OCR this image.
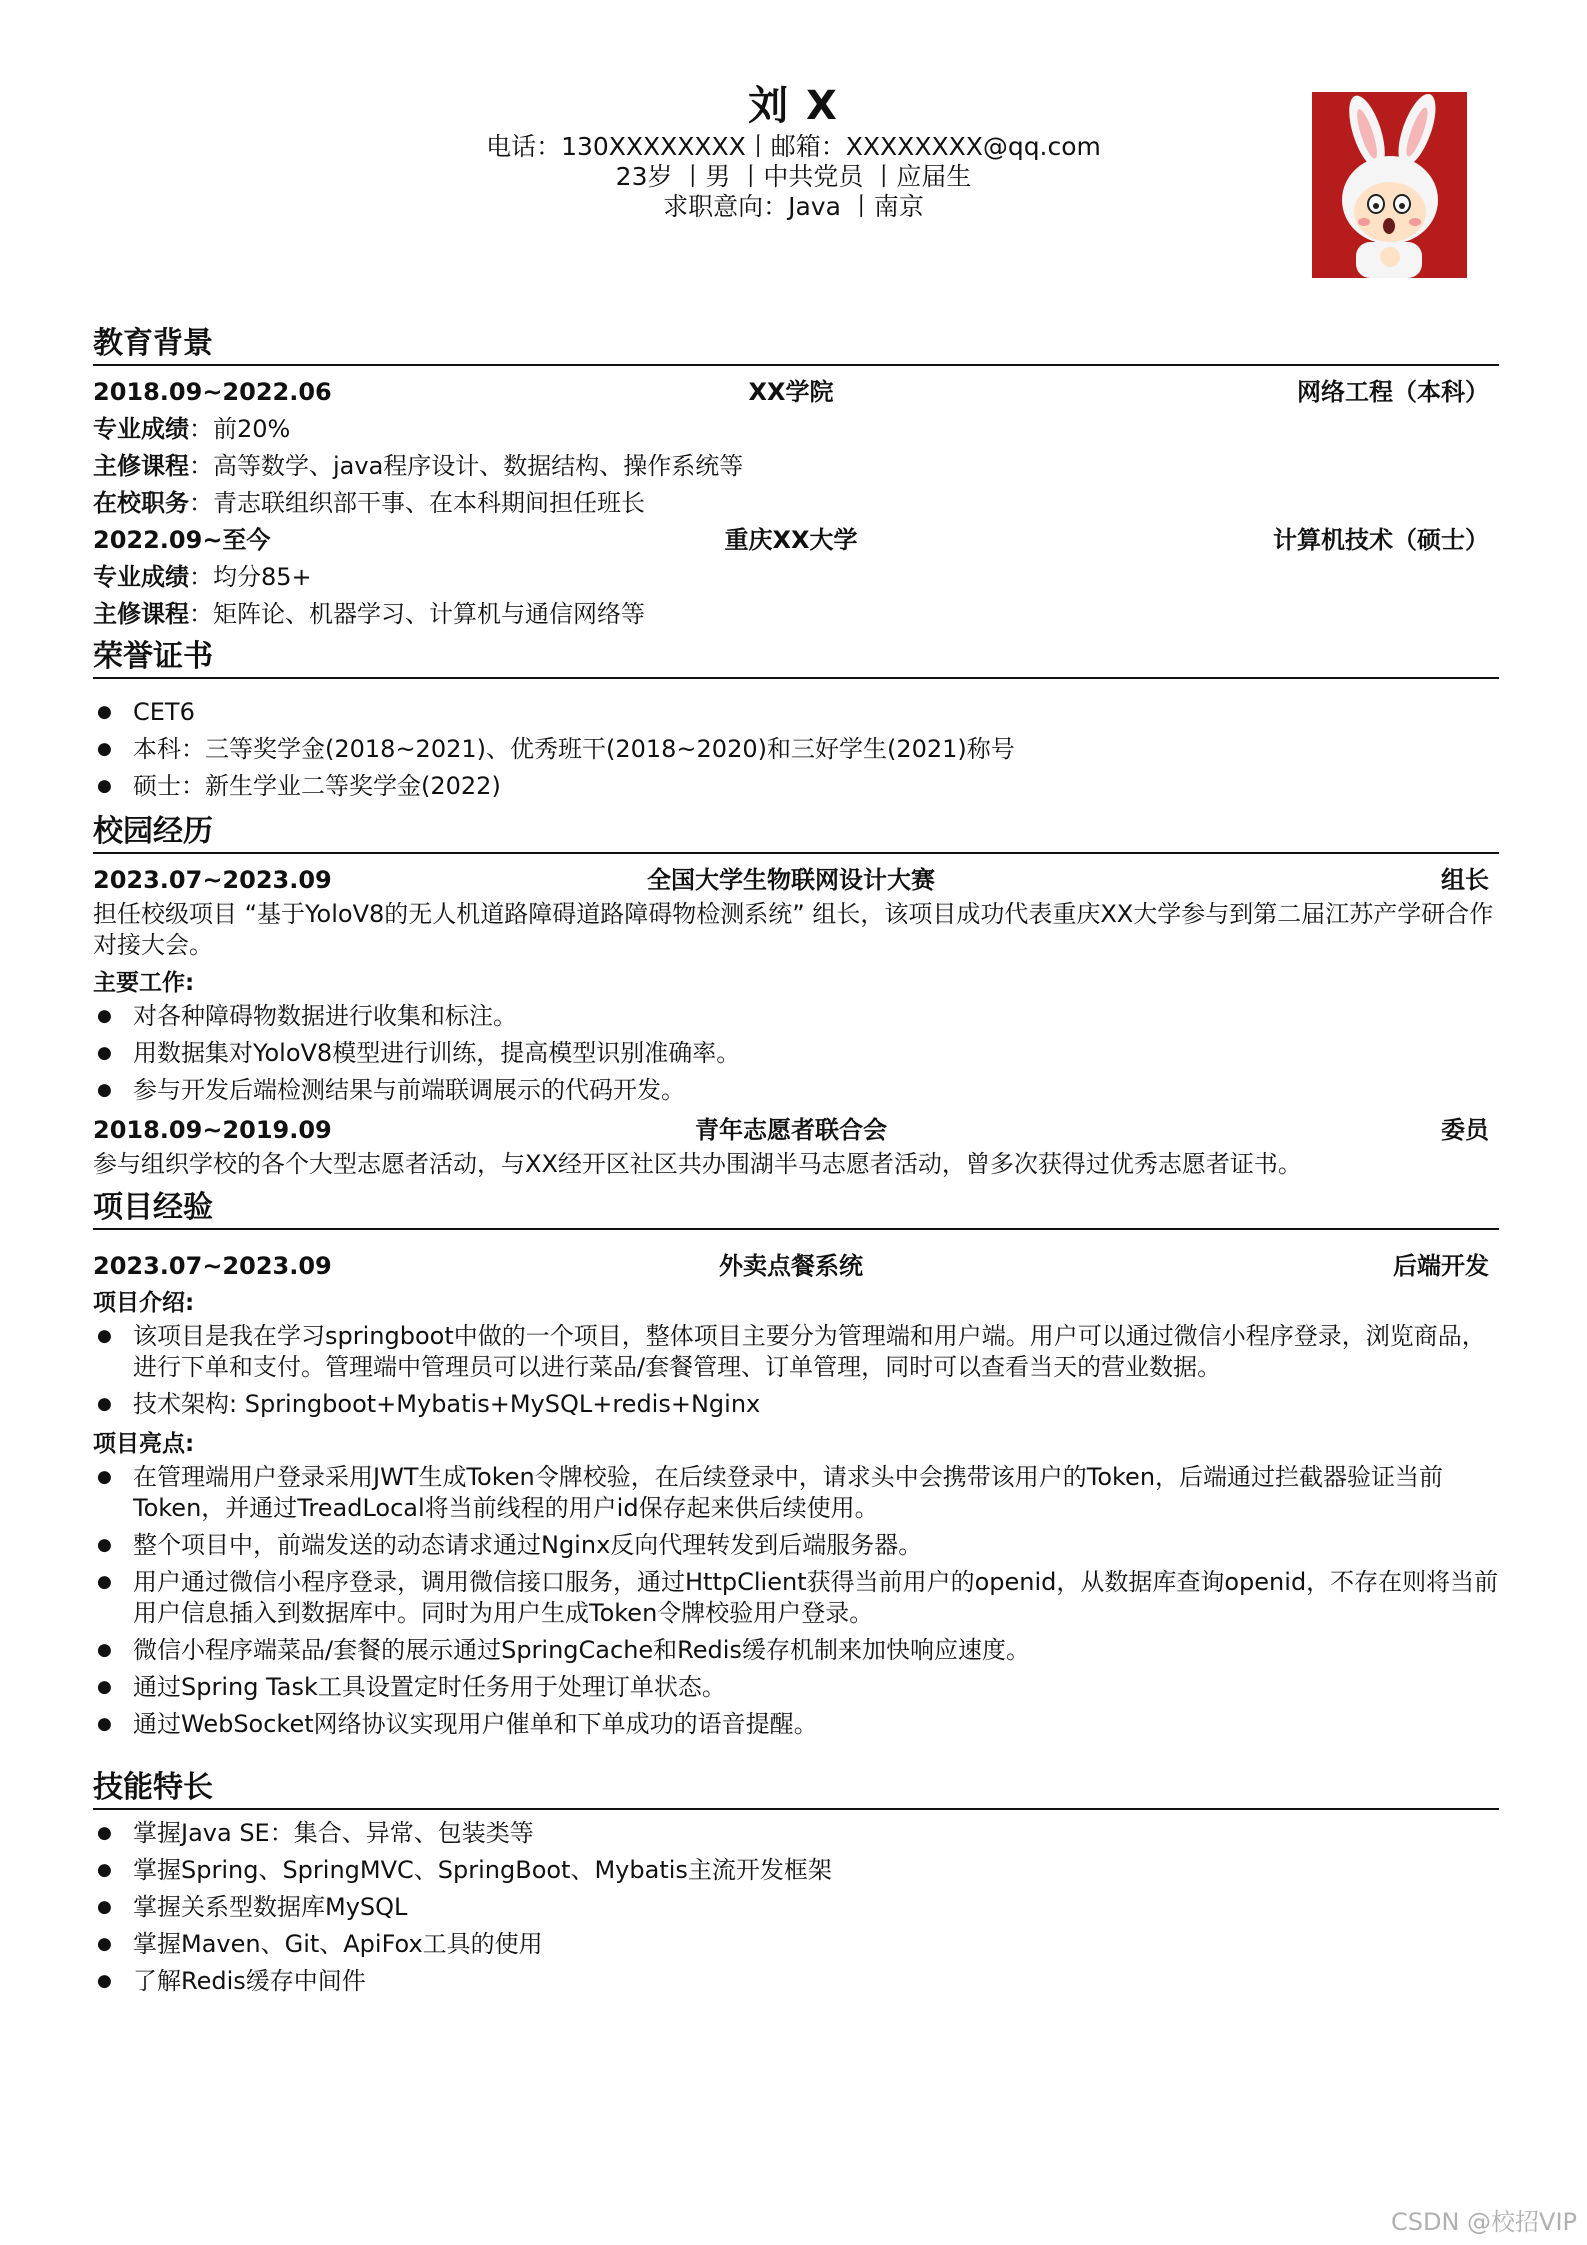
刘 X
电话：130XXXXXXXX丨邮箱：XXXXXXXX@qq.com
23岁 丨男 丨中共党员 丨应届生
求职意向：Java 丨南京
教育背景
2018.09~2022.06	XX学院	网络工程（本科）
专业成绩：前20%
主修课程：高等数学、java程序设计、数据结构、操作系统等
在校职务：青志联组织部干事、在本科期间担任班长
2022.09~至今	重庆XX大学	计算机技术（硕士）
专业成绩：均分85+
主修课程：矩阵论、机器学习、计算机与通信网络等
荣誉证书
● CET6
● 本科：三等奖学金(2018~2021)、优秀班干(2018~2020)和三好学生(2021)称号
● 硕士：新生学业二等奖学金(2022)
校园经历
2023.07~2023.09	全国大学生物联网设计大赛	组长
担任校级项目 “基于YoloV8的无人机道路障碍道路障碍物检测系统” 组长，该项目成功代表重庆XX大学参与到第二届江苏产学研合作对接大会。
主要工作:
● 对各种障碍物数据进行收集和标注。
● 用数据集对YoloV8模型进行训练，提高模型识别准确率。
● 参与开发后端检测结果与前端联调展示的代码开发。
2018.09~2019.09	青年志愿者联合会	委员
参与组织学校的各个大型志愿者活动，与XX经开区社区共办围湖半马志愿者活动，曾多次获得过优秀志愿者证书。
项目经验
2023.07~2023.09	外卖点餐系统	后端开发
项目介绍:
● 该项目是我在学习springboot中做的一个项目，整体项目主要分为管理端和用户端。用户可以通过微信小程序登录，浏览商品，进行下单和支付。管理端中管理员可以进行菜品/套餐管理、订单管理，同时可以查看当天的营业数据。
● 技术架构: Springboot+Mybatis+MySQL+redis+Nginx
项目亮点:
● 在管理端用户登录采用JWT生成Token令牌校验，在后续登录中，请求头中会携带该用户的Token，后端通过拦截器验证当前Token，并通过TreadLocal将当前线程的用户id保存起来供后续使用。
● 整个项目中，前端发送的动态请求通过Nginx反向代理转发到后端服务器。
● 用户通过微信小程序登录，调用微信接口服务，通过HttpClient获得当前用户的openid，从数据库查询openid，不存在则将当前用户信息插入到数据库中。同时为用户生成Token令牌校验用户登录。
● 微信小程序端菜品/套餐的展示通过SpringCache和Redis缓存机制来加快响应速度。
● 通过Spring Task工具设置定时任务用于处理订单状态。
● 通过WebSocket网络协议实现用户催单和下单成功的语音提醒。
技能特长
● 掌握Java SE：集合、异常、包装类等
● 掌握Spring、SpringMVC、SpringBoot、Mybatis主流开发框架
● 掌握关系型数据库MySQL
● 掌握Maven、Git、ApiFox工具的使用
● 了解Redis缓存中间件
CSDN @校招VIP
